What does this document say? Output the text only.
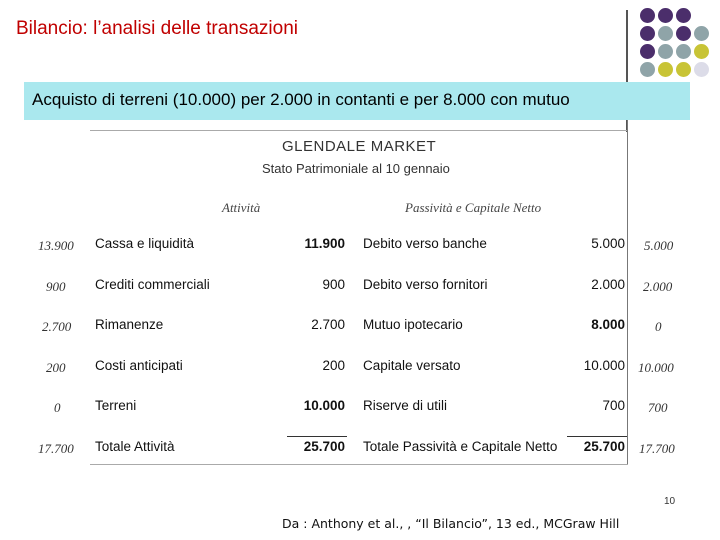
Bilancio: l’analisi delle transazioni
Acquisto di terreni (10.000) per 2.000 in contanti e per 8.000 con mutuo
GLENDALE MARKET
Stato Patrimoniale al 10 gennaio
Attività	Passività e Capitale Netto
13.900 Cassa e liquidità	11.900 Debito verso banche	5.000 5.000
900 Crediti commerciali	900 Debito verso fornitori	2.000 2.000
2.700 Rimanenze	2.700 Mutuo ipotecario	8.000 0
200 Costi anticipati	200 Capitale versato	10.000 10.000
0	Terreni	10.000 Riserve di utili	700 700
17.700 Totale Attività	25.700 Totale Passività e Capitale Netto 25.700 17.700
10
Da : Anthony et al., , “Il Bilancio”, 13 ed., MCGraw Hill
